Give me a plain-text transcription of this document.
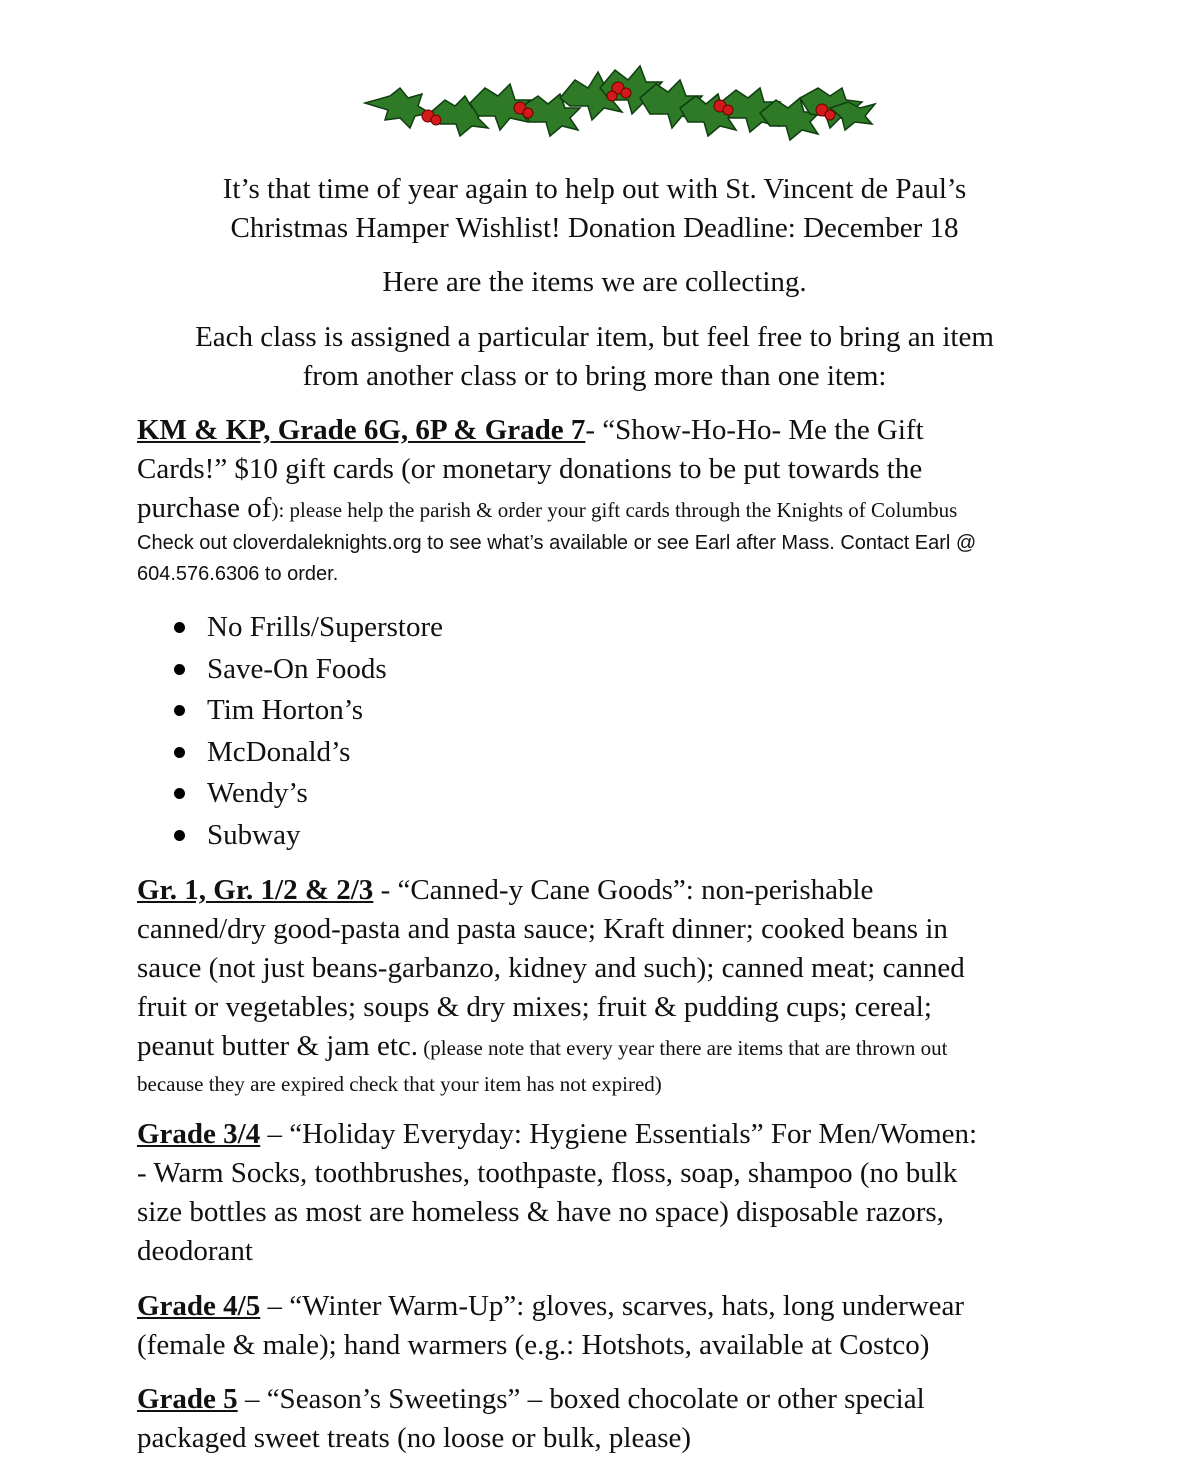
It’s that time of year again to help out with St. Vincent de Paul’s
Christmas Hamper Wishlist! Donation Deadline: December 18

Here are the items we are collecting.

Each class is assigned a particular item, but feel free to bring an item
from another class or to bring more than one item:

KM & KP, Grade 6G, 6P & Grade 7- “Show-Ho-Ho- Me the Gift
Cards!” $10 gift cards (or monetary donations to be put towards the
purchase of): please help the parish & order your gift cards through the Knights of Columbus
Check out cloverdaleknights.org to see what’s available or see Earl after Mass. Contact Earl @
604.576.6306 to order.
No Frills/Superstore
Save-On Foods
Tim Horton’s
McDonald’s
Wendy’s
Subway
Gr. 1, Gr. 1/2 & 2/3 - “Canned-y Cane Goods”: non-perishable
canned/dry good-pasta and pasta sauce; Kraft dinner; cooked beans in
sauce (not just beans-garbanzo, kidney and such); canned meat; canned
fruit or vegetables; soups & dry mixes; fruit & pudding cups; cereal;
peanut butter & jam etc. (please note that every year there are items that are thrown out
because they are expired check that your item has not expired)
Grade 3/4 – “Holiday Everyday: Hygiene Essentials” For Men/Women:
- Warm Socks, toothbrushes, toothpaste, floss, soap, shampoo (no bulk
size bottles as most are homeless & have no space) disposable razors,
deodorant
Grade 4/5 – “Winter Warm-Up”: gloves, scarves, hats, long underwear
(female & male); hand warmers (e.g.: Hotshots, available at Costco)
Grade 5 – “Season’s Sweetings” – boxed chocolate or other special
packaged sweet treats (no loose or bulk, please)
